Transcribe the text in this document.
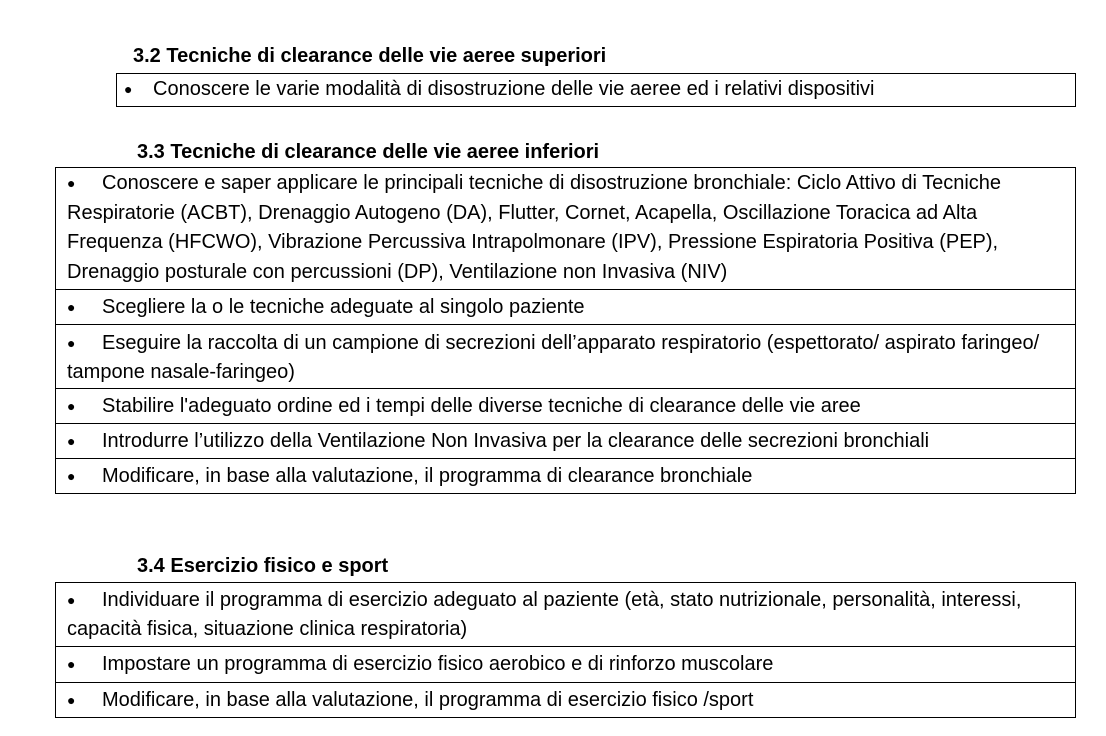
3.2 Tecniche di clearance delle vie aeree superiori
●	Conoscere le varie modalità di disostruzione delle vie aeree ed i relativi dispositivi
3.3 Tecniche di clearance delle vie aeree inferiori
● Conoscere e saper applicare le principali tecniche di disostruzione bronchiale: Ciclo Attivo di Tecniche Respiratorie (ACBT), Drenaggio Autogeno (DA), Flutter, Cornet, Acapella, Oscillazione Toracica ad Alta Frequenza (HFCWO), Vibrazione Percussiva Intrapolmonare (IPV), Pressione Espiratoria Positiva (PEP), Drenaggio posturale con percussioni (DP), Ventilazione non Invasiva (NIV)
●	Scegliere la o le tecniche adeguate al singolo paziente
● Eseguire la raccolta di un campione di secrezioni dell’apparato respiratorio (espettorato/ aspirato faringeo/ tampone nasale-faringeo)
●	Stabilire l'adeguato ordine ed i tempi delle diverse tecniche di clearance delle vie aree
●	Introdurre l’utilizzo della Ventilazione Non Invasiva per la clearance delle secrezioni bronchiali
●	Modificare, in base alla valutazione, il programma di clearance bronchiale
3.4 Esercizio fisico e sport
● Individuare il programma di esercizio adeguato al paziente (età, stato nutrizionale, personalità, interessi, capacità fisica, situazione clinica respiratoria)
●	Impostare un programma di esercizio fisico aerobico e di rinforzo muscolare
●	Modificare, in base alla valutazione, il programma di esercizio fisico /sport
